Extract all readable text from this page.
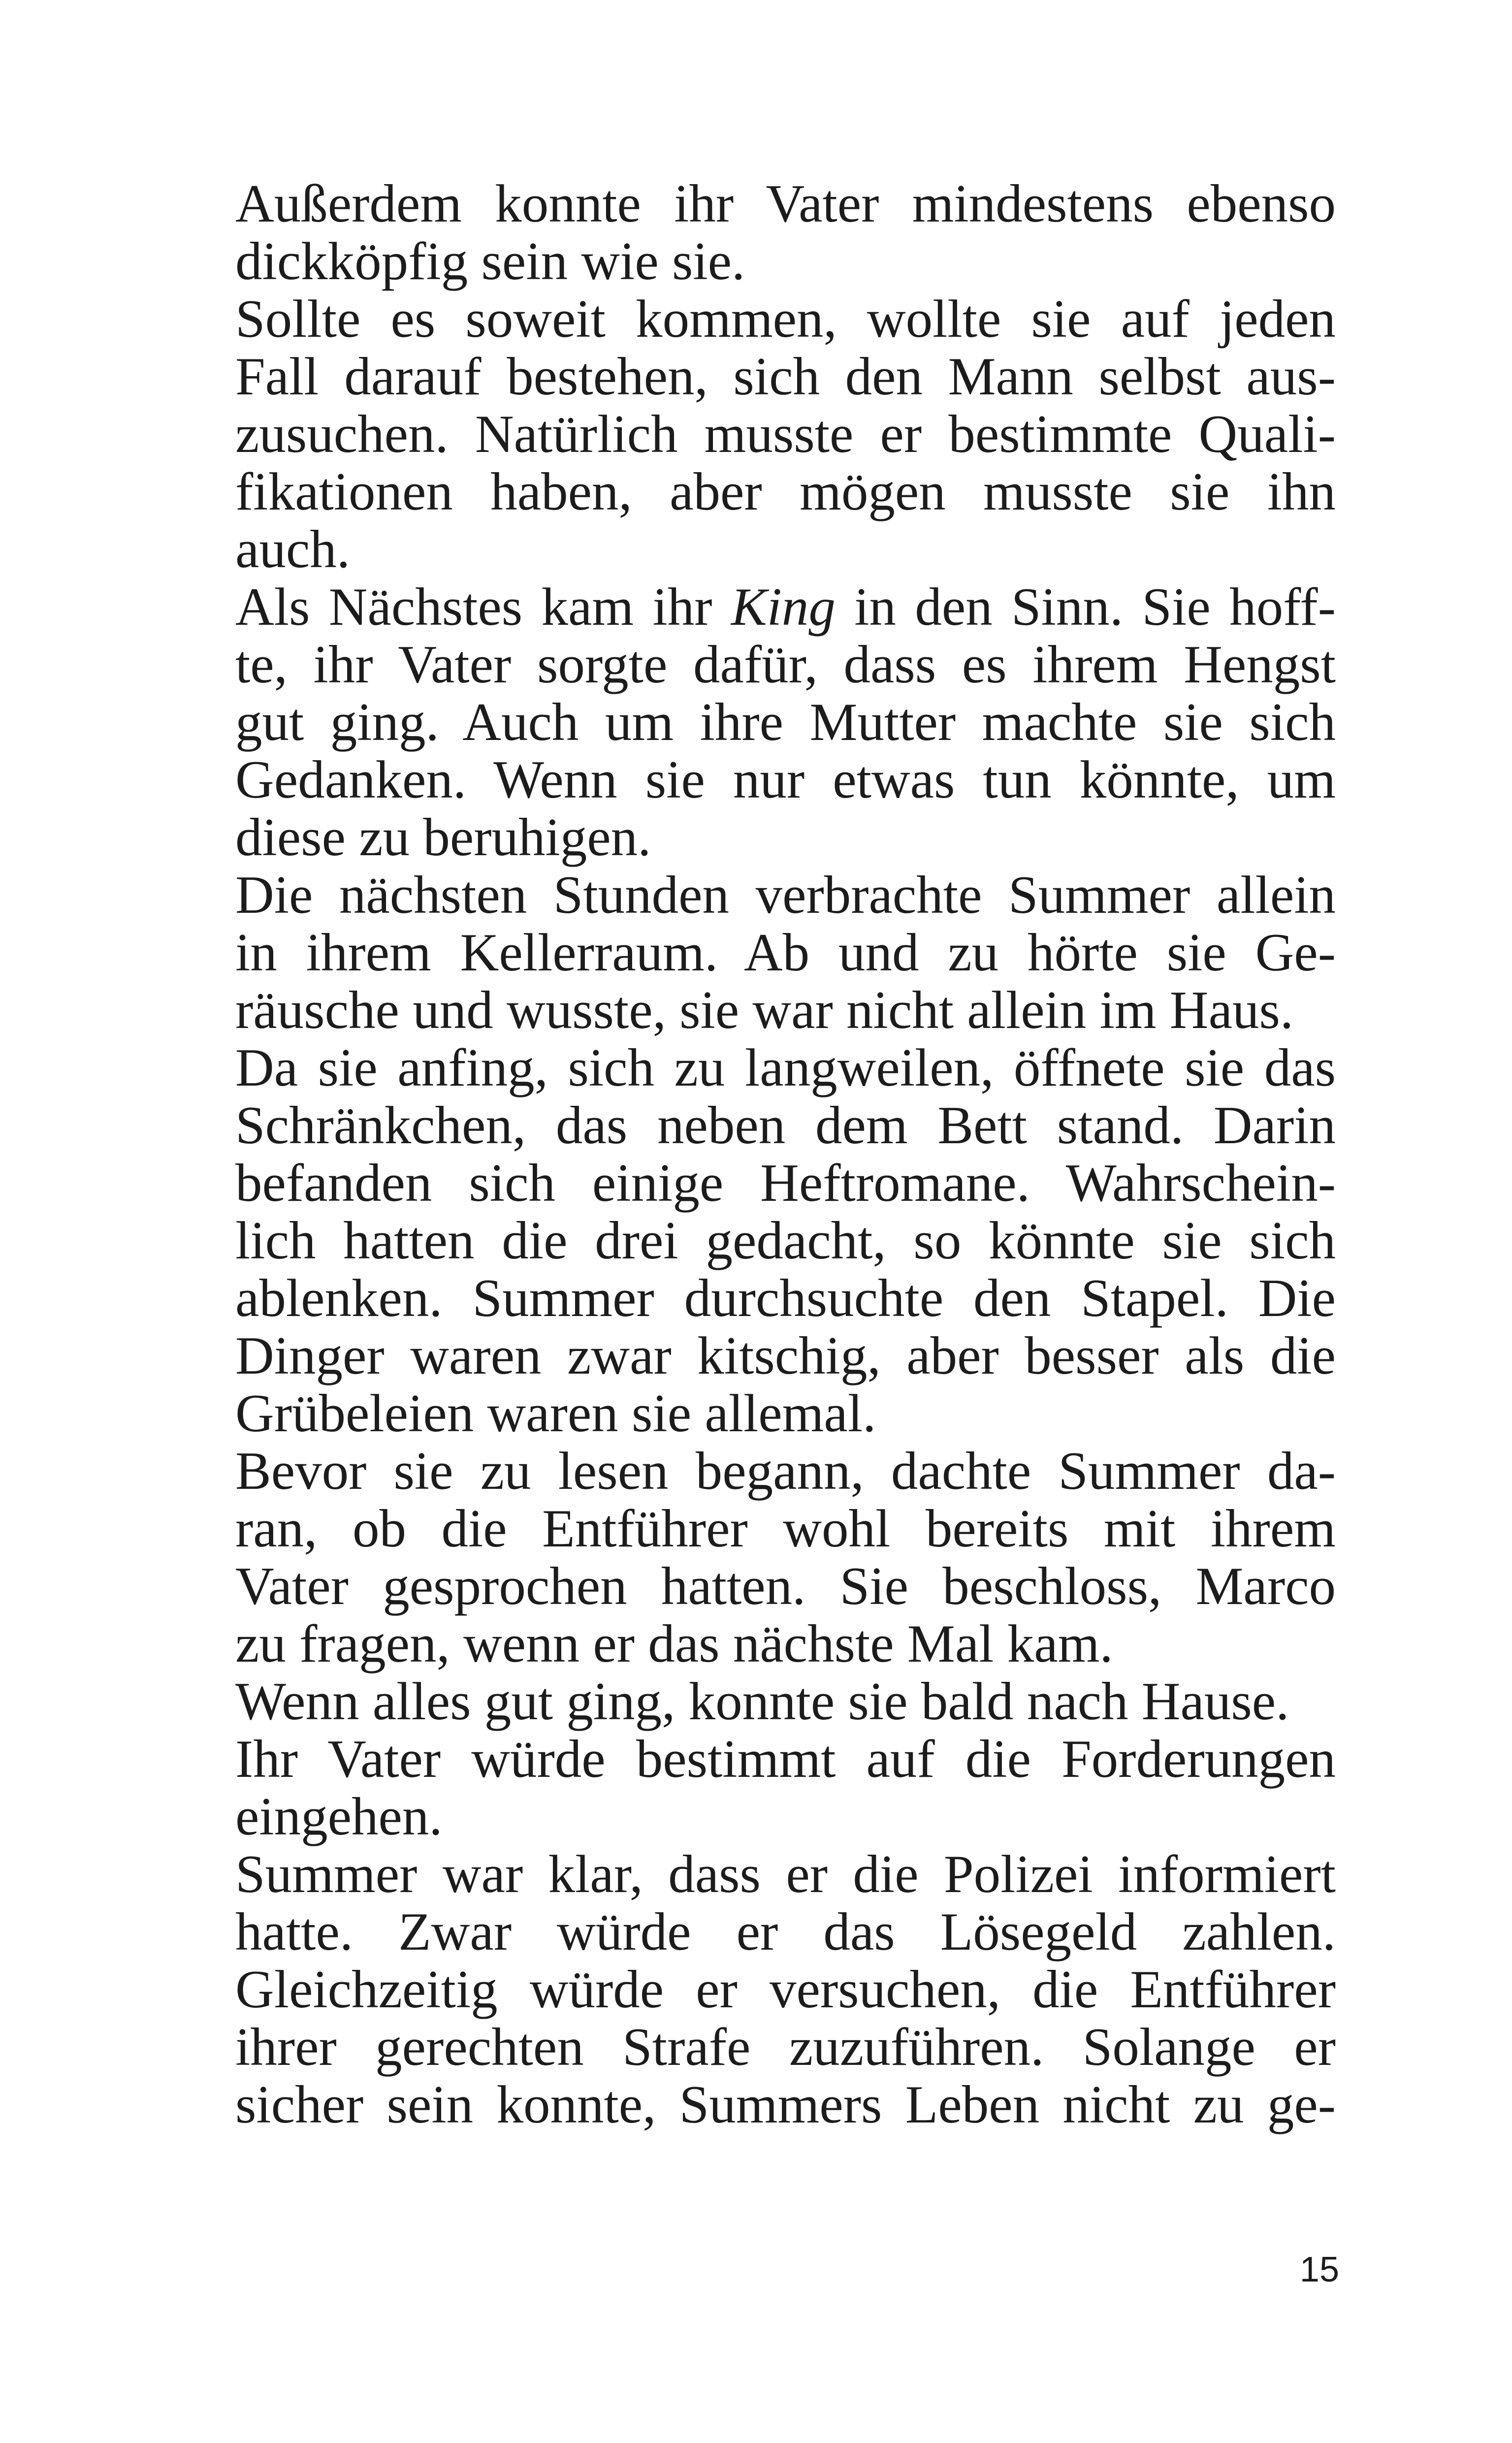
Außerdem konnte ihr Vater mindestens ebenso
dickköpfig sein wie sie.
Sollte es soweit kommen, wollte sie auf jeden
Fall darauf bestehen, sich den Mann selbst aus-
zusuchen. Natürlich musste er bestimmte Quali-
fikationen haben, aber mögen musste sie ihn
auch.
Als Nächstes kam ihr King in den Sinn. Sie hoff-
te, ihr Vater sorgte dafür, dass es ihrem Hengst
gut ging. Auch um ihre Mutter machte sie sich
Gedanken. Wenn sie nur etwas tun könnte, um
diese zu beruhigen.
Die nächsten Stunden verbrachte Summer allein
in ihrem Kellerraum. Ab und zu hörte sie Ge-
räusche und wusste, sie war nicht allein im Haus.
Da sie anfing, sich zu langweilen, öffnete sie das
Schränkchen, das neben dem Bett stand. Darin
befanden sich einige Heftromane. Wahrschein-
lich hatten die drei gedacht, so könnte sie sich
ablenken. Summer durchsuchte den Stapel. Die
Dinger waren zwar kitschig, aber besser als die
Grübeleien waren sie allemal.
Bevor sie zu lesen begann, dachte Summer da-
ran, ob die Entführer wohl bereits mit ihrem
Vater gesprochen hatten. Sie beschloss, Marco
zu fragen, wenn er das nächste Mal kam.
Wenn alles gut ging, konnte sie bald nach Hause.
Ihr Vater würde bestimmt auf die Forderungen
eingehen.
Summer war klar, dass er die Polizei informiert
hatte. Zwar würde er das Lösegeld zahlen.
Gleichzeitig würde er versuchen, die Entführer
ihrer gerechten Strafe zuzuführen. Solange er
sicher sein konnte, Summers Leben nicht zu ge-
15
